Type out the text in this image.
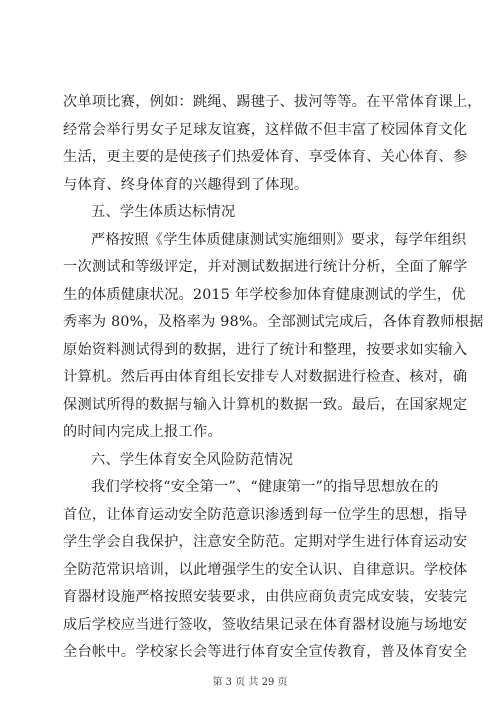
次单项比赛，例如：跳绳、踢毽子、拔河等等。在平常体育课上，
经常会举行男女子足球友谊赛，这样做不但丰富了校园体育文化
生活，更主要的是使孩子们热爱体育、享受体育、关心体育、参
与体育、终身体育的兴趣得到了体现。
五、学生体质达标情况
严格按照《学生体质健康测试实施细则》要求，每学年组织
一次测试和等级评定，并对测试数据进行统计分析，全面了解学
生的体质健康状况。2015 年学校参加体育健康测试的学生，优
秀率为 80%，及格率为 98%。全部测试完成后，各体育教师根据
原始资料测试得到的数据，进行了统计和整理，按要求如实输入
计算机。然后再由体育组长安排专人对数据进行检查、核对，确
保测试所得的数据与输入计算机的数据一致。最后，在国家规定
的时间内完成上报工作。
六、学生体育安全风险防范情况
我们学校将“安全第一”、“健康第一”的指导思想放在的
首位，让体育运动安全防范意识渗透到每一位学生的思想，指导
学生学会自我保护，注意安全防范。定期对学生进行体育运动安
全防范常识培训，以此增强学生的安全认识、自律意识。学校体
育器材设施严格按照安装要求，由供应商负责完成安装，安装完
成后学校应当进行签收，签收结果记录在体育器材设施与场地安
全台帐中。学校家长会等进行体育安全宣传教育，普及体育安全
第 3 页 共 29 页
